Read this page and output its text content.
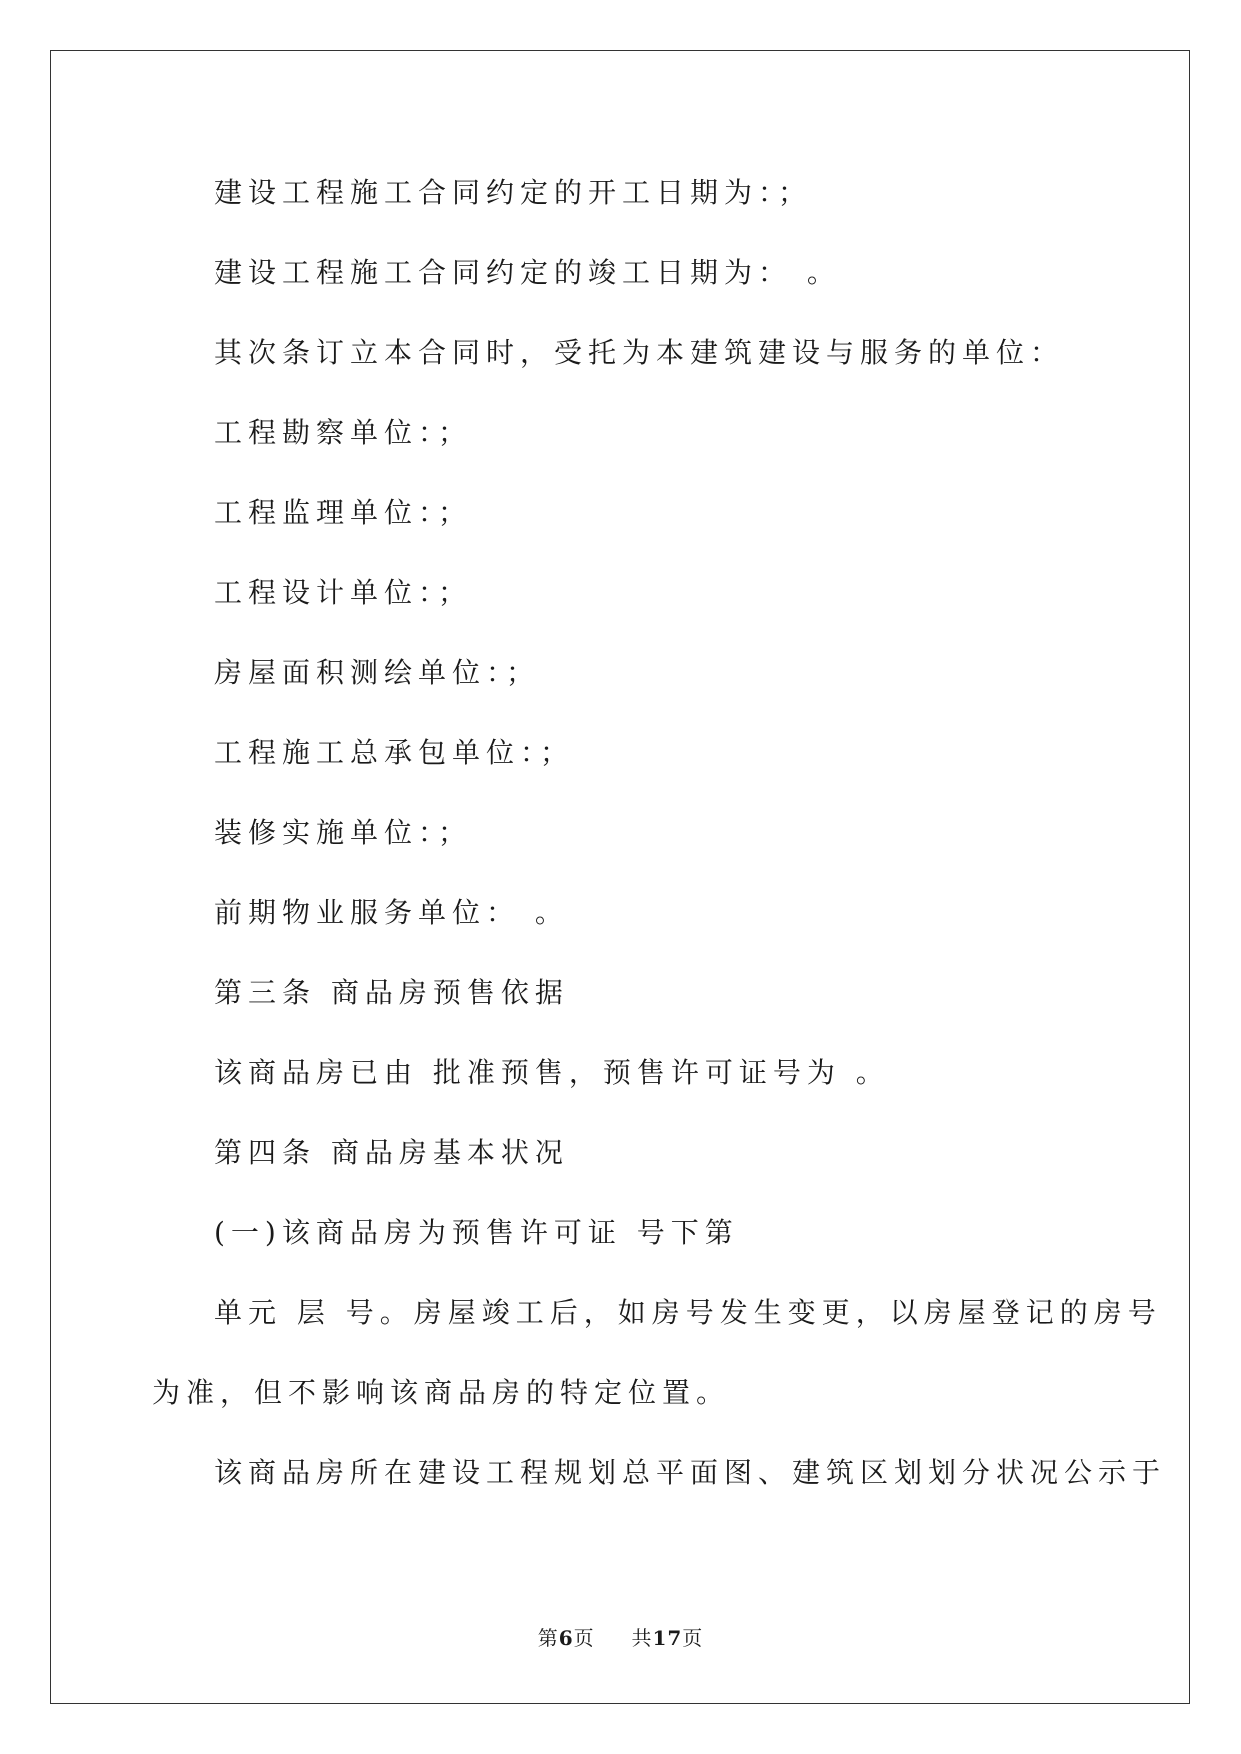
建设工程施工合同约定的开工日期为：；
建设工程施工合同约定的竣工日期为： 。
其次条订立本合同时，受托为本建筑建设与服务的单位：
工程勘察单位：；
工程监理单位：；
工程设计单位：；
房屋面积测绘单位：；
工程施工总承包单位：；
装修实施单位：；
前期物业服务单位： 。
第三条 商品房预售依据
该商品房已由 批准预售，预售许可证号为 。
第四条 商品房基本状况
(一)该商品房为预售许可证 号下第
单元 层 号。房屋竣工后，如房号发生变更，以房屋登记的房号
为准，但不影响该商品房的特定位置。
该商品房所在建设工程规划总平面图、建筑区划划分状况公示于
第6页 共17页
